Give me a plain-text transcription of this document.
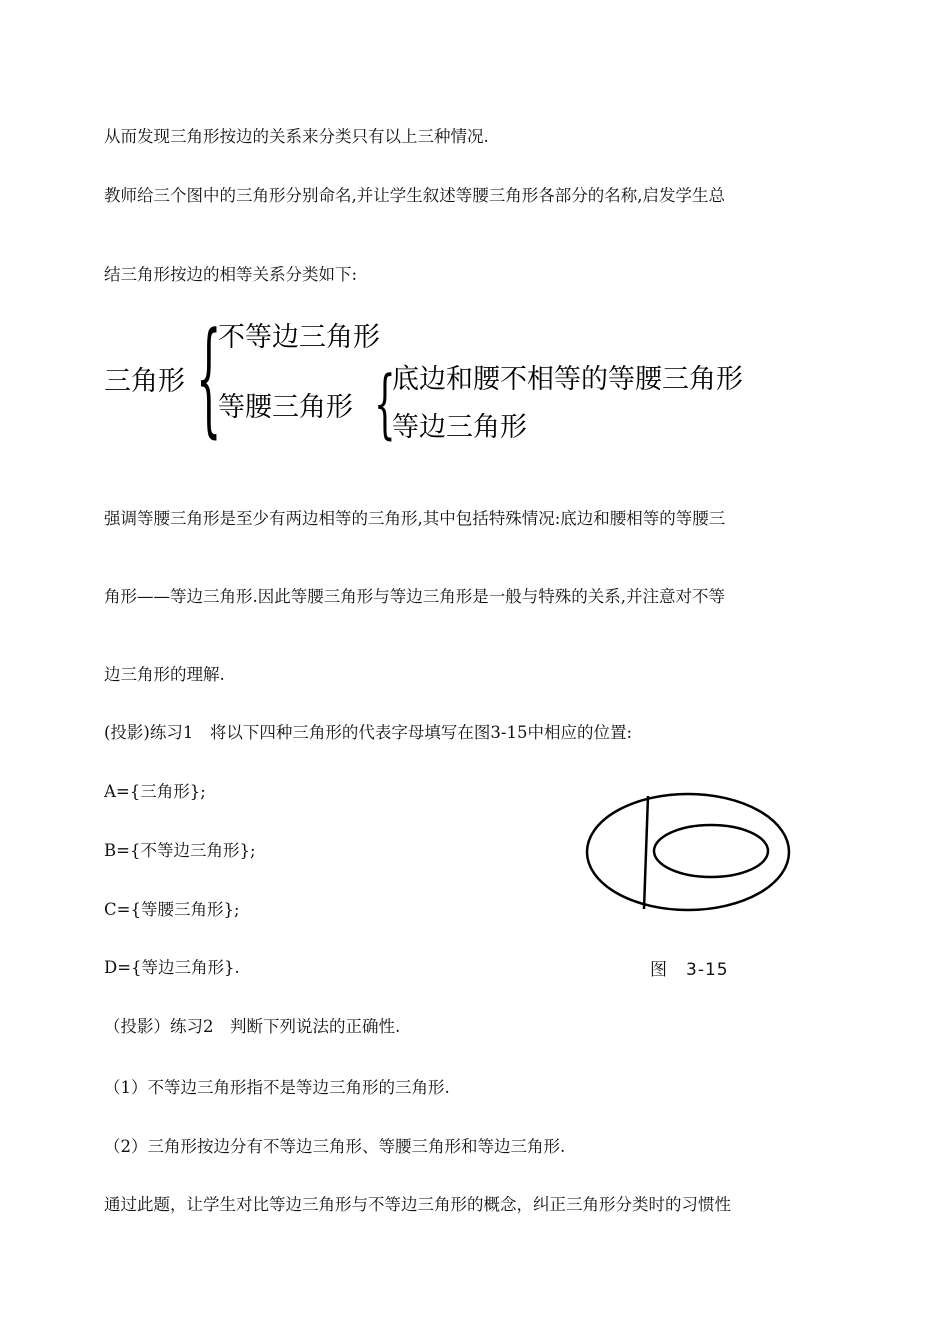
从而发现三角形按边的关系来分类只有以上三种情况.
教师给三个图中的三角形分别命名,并让学生叙述等腰三角形各部分的名称,启发学生总
结三角形按边的相等关系分类如下:
三角形 {
不等边三角形
等腰三角形 {
底边和腰不相等的等腰三角形
等边三角形
强调等腰三角形是至少有两边相等的三角形,其中包括特殊情况:底边和腰相等的等腰三
角形——等边三角形.因此等腰三角形与等边三角形是一般与特殊的关系,并注意对不等
边三角形的理解.
(投影)练习1　将以下四种三角形的代表字母填写在图3-15中相应的位置:
A={三角形};
B={不等边三角形};
C={等腰三角形};
D={等边三角形}.	图　3-15
（投影）练习2　判断下列说法的正确性.
（1）不等边三角形指不是等边三角形的三角形.
（2）三角形按边分有不等边三角形、等腰三角形和等边三角形.
通过此题，让学生对比等边三角形与不等边三角形的概念，纠正三角形分类时的习惯性
